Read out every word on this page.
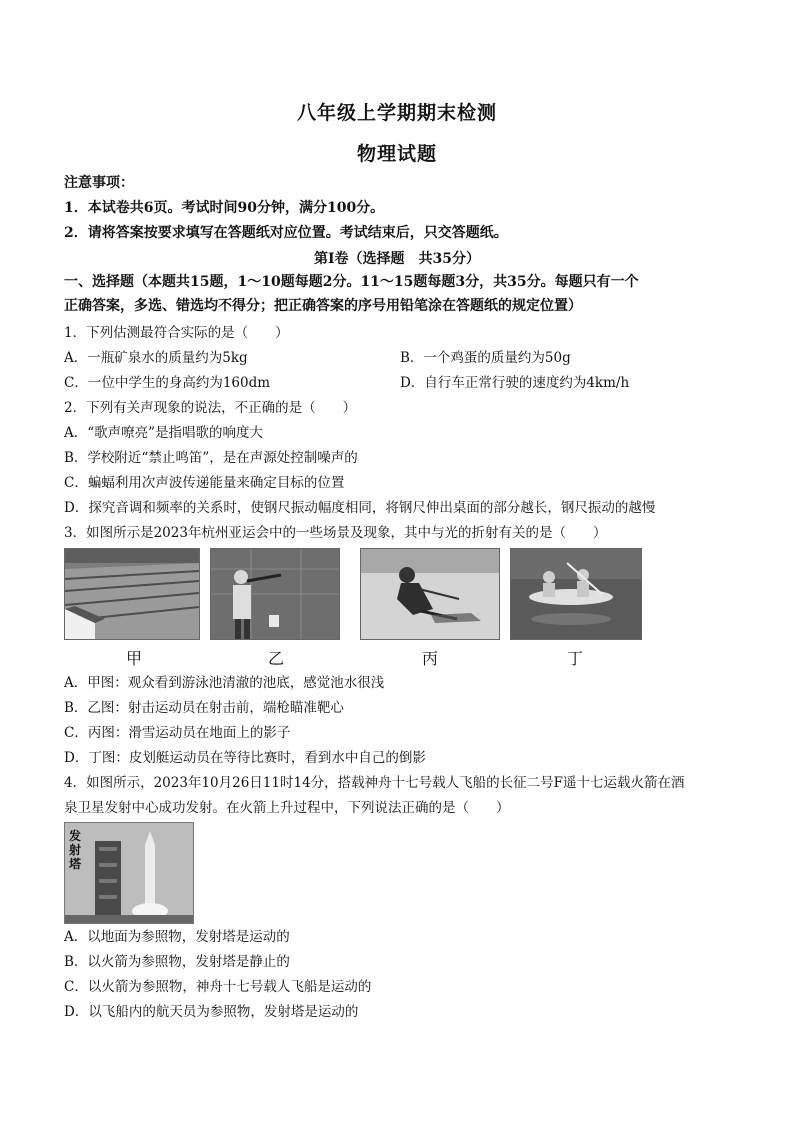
八年级上学期期末检测
物理试题
注意事项：
1．本试卷共6页。考试时间90分钟，满分100分。
2．请将答案按要求填写在答题纸对应位置。考试结束后，只交答题纸。
第Ⅰ卷（选择题　共35分）
一、选择题（本题共15题，1～10题每题2分。11～15题每题3分，共35分。每题只有一个
正确答案，多选、错选均不得分；把正确答案的序号用铅笔涂在答题纸的规定位置）
1．下列估测最符合实际的是（　　）
A．一瓶矿泉水的质量约为5kg	B．一个鸡蛋的质量约为50g
C．一位中学生的身高约为160dm	D．自行车正常行驶的速度约为4km/h
2．下列有关声现象的说法，不正确的是（　　）
A．“歌声嘹亮”是指唱歌的响度大
B．学校附近“禁止鸣笛”，是在声源处控制噪声的
C．蝙蝠利用次声波传递能量来确定目标的位置
D．探究音调和频率的关系时，使钢尺振动幅度相同，将钢尺伸出桌面的部分越长，钢尺振动的越慢
3．如图所示是2023年杭州亚运会中的一些场景及现象，其中与光的折射有关的是（　　）
甲	乙	丙	丁
A．甲图：观众看到游泳池清澈的池底，感觉池水很浅
B．乙图：射击运动员在射击前，端枪瞄准靶心
C．丙图：滑雪运动员在地面上的影子
D．丁图：皮划艇运动员在等待比赛时，看到水中自己的倒影
4．如图所示，2023年10月26日11时14分，搭载神舟十七号载人飞船的长征二号F遥十七运载火箭在酒
泉卫星发射中心成功发射。在火箭上升过程中，下列说法正确的是（　　）
发射塔
A．以地面为参照物，发射塔是运动的
B．以火箭为参照物，发射塔是静止的
C．以火箭为参照物，神舟十七号载人飞船是运动的
D．以飞船内的航天员为参照物，发射塔是运动的
